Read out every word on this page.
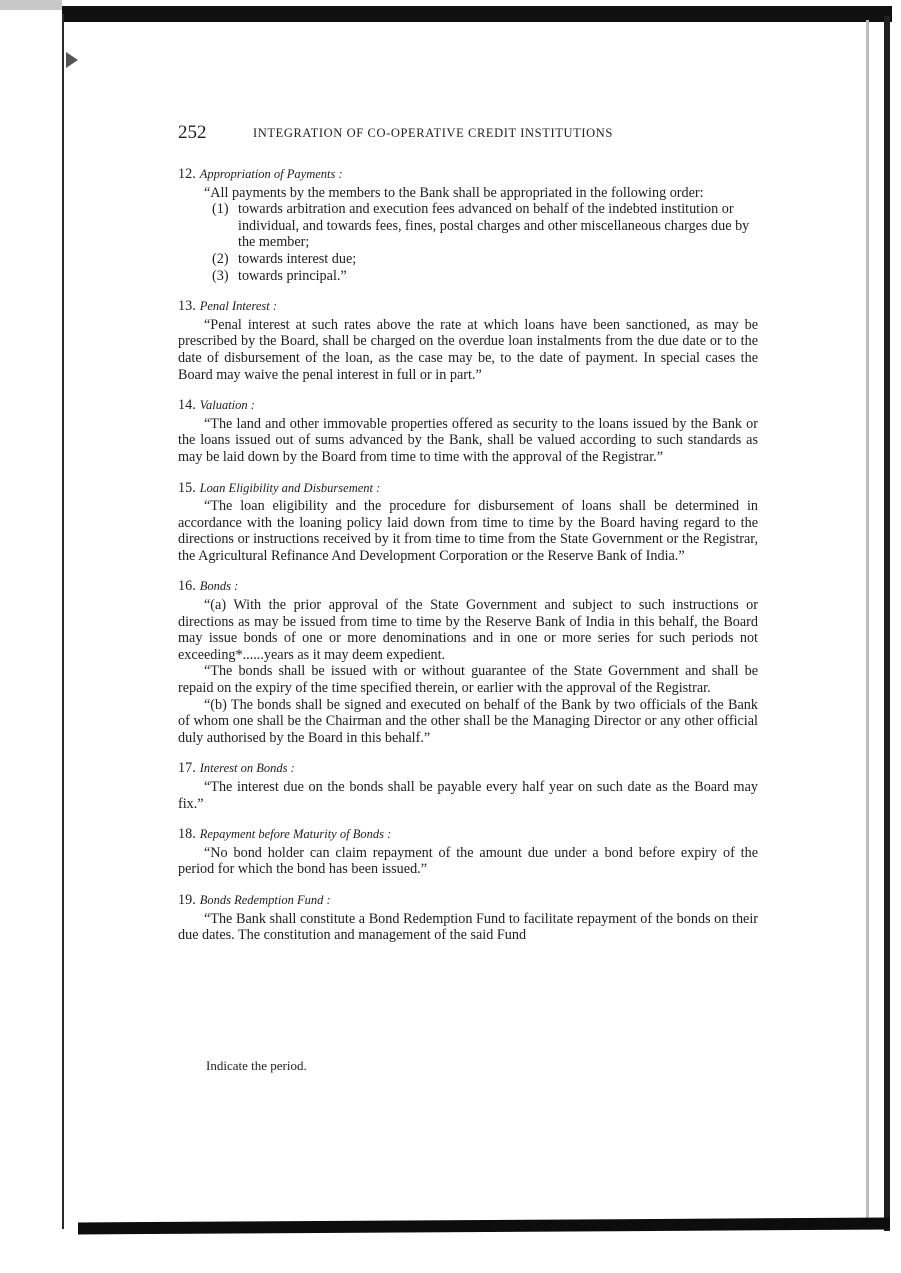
252	INTEGRATION OF CO-OPERATIVE CREDIT INSTITUTIONS

12. Appropriation of Payments :

“All payments by the members to the Bank shall be appropriated in the following order:

(1) towards arbitration and execution fees advanced on behalf of the indebted institution or individual, and towards fees, fines, postal charges and other miscellaneous charges due by the member;
(2) towards interest due;
(3) towards principal.”

13. Penal Interest :

“Penal interest at such rates above the rate at which loans have been sanctioned, as may be prescribed by the Board, shall be charged on the overdue loan instalments from the due date or to the date of disbursement of the loan, as the case may be, to the date of payment. In special cases the Board may waive the penal interest in full or in part.”

14. Valuation :

“The land and other immovable properties offered as security to the loans issued by the Bank or the loans issued out of sums advanced by the Bank, shall be valued according to such standards as may be laid down by the Board from time to time with the approval of the Registrar.”

15. Loan Eligibility and Disbursement :

“The loan eligibility and the procedure for disbursement of loans shall be determined in accordance with the loaning policy laid down from time to time by the Board having regard to the directions or instructions received by it from time to time from the State Government or the Registrar, the Agricultural Refinance And Development Corporation or the Reserve Bank of India.”

16. Bonds :

“(a) With the prior approval of the State Government and subject to such instructions or directions as may be issued from time to time by the Reserve Bank of India in this behalf, the Board may issue bonds of one or more denominations and in one or more series for such periods not exceeding*......years as it may deem expedient.

“The bonds shall be issued with or without guarantee of the State Government and shall be repaid on the expiry of the time specified therein, or earlier with the approval of the Registrar.

“(b) The bonds shall be signed and executed on behalf of the Bank by two officials of the Bank of whom one shall be the Chairman and the other shall be the Managing Director or any other official duly authorised by the Board in this behalf.”

17. Interest on Bonds :

“The interest due on the bonds shall be payable every half year on such date as the Board may fix.”

18. Repayment before Maturity of Bonds :

“No bond holder can claim repayment of the amount due under a bond before expiry of the period for which the bond has been issued.”

19. Bonds Redemption Fund :

“The Bank shall constitute a Bond Redemption Fund to facilitate repayment of the bonds on their due dates. The constitution and management of the said Fund

Indicate the period.
